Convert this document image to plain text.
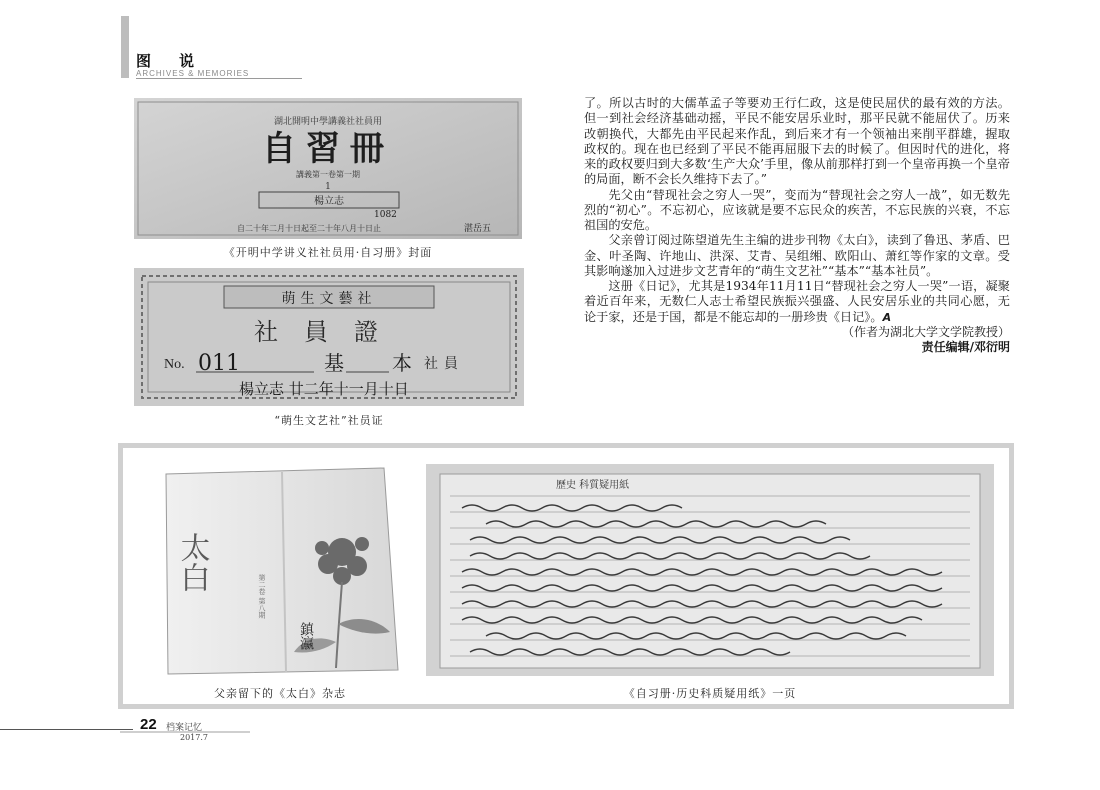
图说
ARCHIVES & MEMORIES
湖北開明中學講義社社員用
自習冊
講義第一卷第一期
1
楊立志
1082
自二十年二月十日起至二十年八月十日止	湛岳五
《开明中学讲义社社员用·自习册》封面
萌生文藝社
社員證
No. 011	基 本 社員
楊立志 廿二年十一月十日
“萌生文艺社”社员证

了。所以古时的大儒革孟子等要劝王行仁政，这是使民屈伏的最有效的方法。但一到社会经济基础动摇，平民不能安居乐业时，那平民就不能屈伏了。历来改朝换代，大都先由平民起来作乱，到后来才有一个领袖出来削平群雄，握取政权的。现在也已经到了平民不能再屈服下去的时候了。但因时代的进化，将来的政权要归到大多数‘生产大众’手里，像从前那样打到一个皇帝再换一个皇帝的局面，断不会长久维持下去了。”

先父由“替现社会之穷人一哭”，变而为“替现社会之穷人一战”，如无数先烈的“初心”。不忘初心，应该就是要不忘民众的疾苦，不忘民族的兴衰，不忘祖国的安危。

父亲曾订阅过陈望道先生主编的进步刊物《太白》，读到了鲁迅、茅盾、巴金、叶圣陶、许地山、洪深、艾青、吴组缃、欧阳山、萧红等作家的文章。受其影响遂加入过进步文艺青年的“萌生文艺社”“基本”“基本社员”。

这册《日记》，尤其是1934年11月11日“替现社会之穷人一哭”一语，凝聚着近百年来，无数仁人志士希望民族振兴强盛、人民安居乐业的共同心愿，无论于家，还是于国，都是不能忘却的一册珍贵《日记》。A

（作者为湖北大学文学院教授）
责任编辑/邓衍明
太白
第二卷 第八期
鎮瀛
父亲留下的《太白》杂志
歷史 科質疑用紙
《自习册·历史科质疑用纸》一页
22 档案记忆
2017.7
